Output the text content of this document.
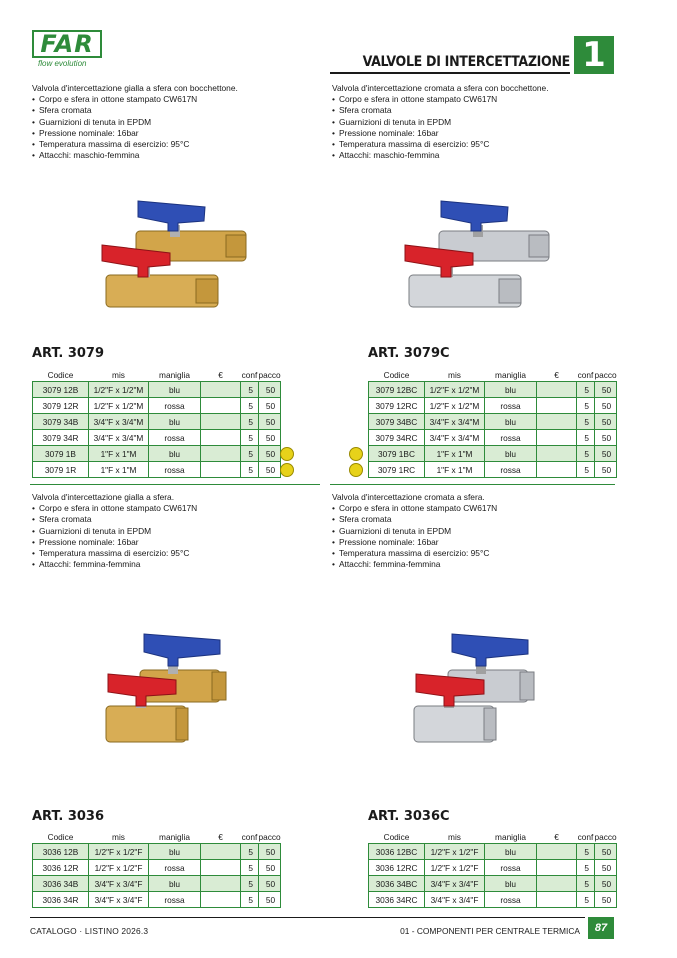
FAR
flow evolution	VALVOLE DI INTERCETTAZIONE 1
Valvola d'intercettazione gialla a sfera con bocchettone.
• Corpo e sfera in ottone stampato CW617N
• Sfera cromata
• Guarnizioni di tenuta in EPDM
• Pressione nominale: 16bar
• Temperatura massima di esercizio: 95°C
• Attacchi: maschio-femmina
Valvola d'intercettazione cromata a sfera con bocchettone.
• Corpo e sfera in ottone stampato CW617N
• Sfera cromata
• Guarnizioni di tenuta in EPDM
• Pressione nominale: 16bar
• Temperatura massima di esercizio: 95°C
• Attacchi: maschio-femmina
Valvola d'intercettazione gialla a sfera.
• Corpo e sfera in ottone stampato CW617N
• Sfera cromata
• Guarnizioni di tenuta in EPDM
• Pressione nominale: 16bar
• Temperatura massima di esercizio: 95°C
• Attacchi: femmina-femmina
Valvola d'intercettazione cromata a sfera.
• Corpo e sfera in ottone stampato CW617N
• Sfera cromata
• Guarnizioni di tenuta in EPDM
• Pressione nominale: 16bar
• Temperatura massima di esercizio: 95°C
• Attacchi: femmina-femmina
ART. 3079	ART. 3079C
ART. 3036	ART. 3036C
Codice	mis	maniglia	€	conf	pacco
3079 12B	1/2"F x 1/2"M	blu		5	50
3079 12R	1/2"F x 1/2"M	rossa		5	50
3079 34B	3/4"F x 3/4"M	blu		5	50
3079 34R	3/4"F x 3/4"M	rossa		5	50
3079 1B	1"F x 1"M	blu		5	50
3079 1R	1"F x 1"M	rossa		5	50
Codice	mis	maniglia	€	conf	pacco
3079 12BC	1/2"F x 1/2"M	blu		5	50
3079 12RC	1/2"F x 1/2"M	rossa		5	50
3079 34BC	3/4"F x 3/4"M	blu		5	50
3079 34RC	3/4"F x 3/4"M	rossa		5	50
3079 1BC	1"F x 1"M	blu		5	50
3079 1RC	1"F x 1"M	rossa		5	50
Codice	mis	maniglia	€	conf	pacco
3036 12B	1/2"F x 1/2"F	blu		5	50
3036 12R	1/2"F x 1/2"F	rossa		5	50
3036 34B	3/4"F x 3/4"F	blu		5	50
3036 34R	3/4"F x 3/4"F	rossa		5	50
Codice	mis	maniglia	€	conf	pacco
3036 12BC	1/2"F x 1/2"F	blu		5	50
3036 12RC	1/2"F x 1/2"F	rossa		5	50
3036 34BC	3/4"F x 3/4"F	blu		5	50
3036 34RC	3/4"F x 3/4"F	rossa		5	50
CATALOGO · LISTINO 2026.3	01 - COMPONENTI PER CENTRALE TERMICA	87
